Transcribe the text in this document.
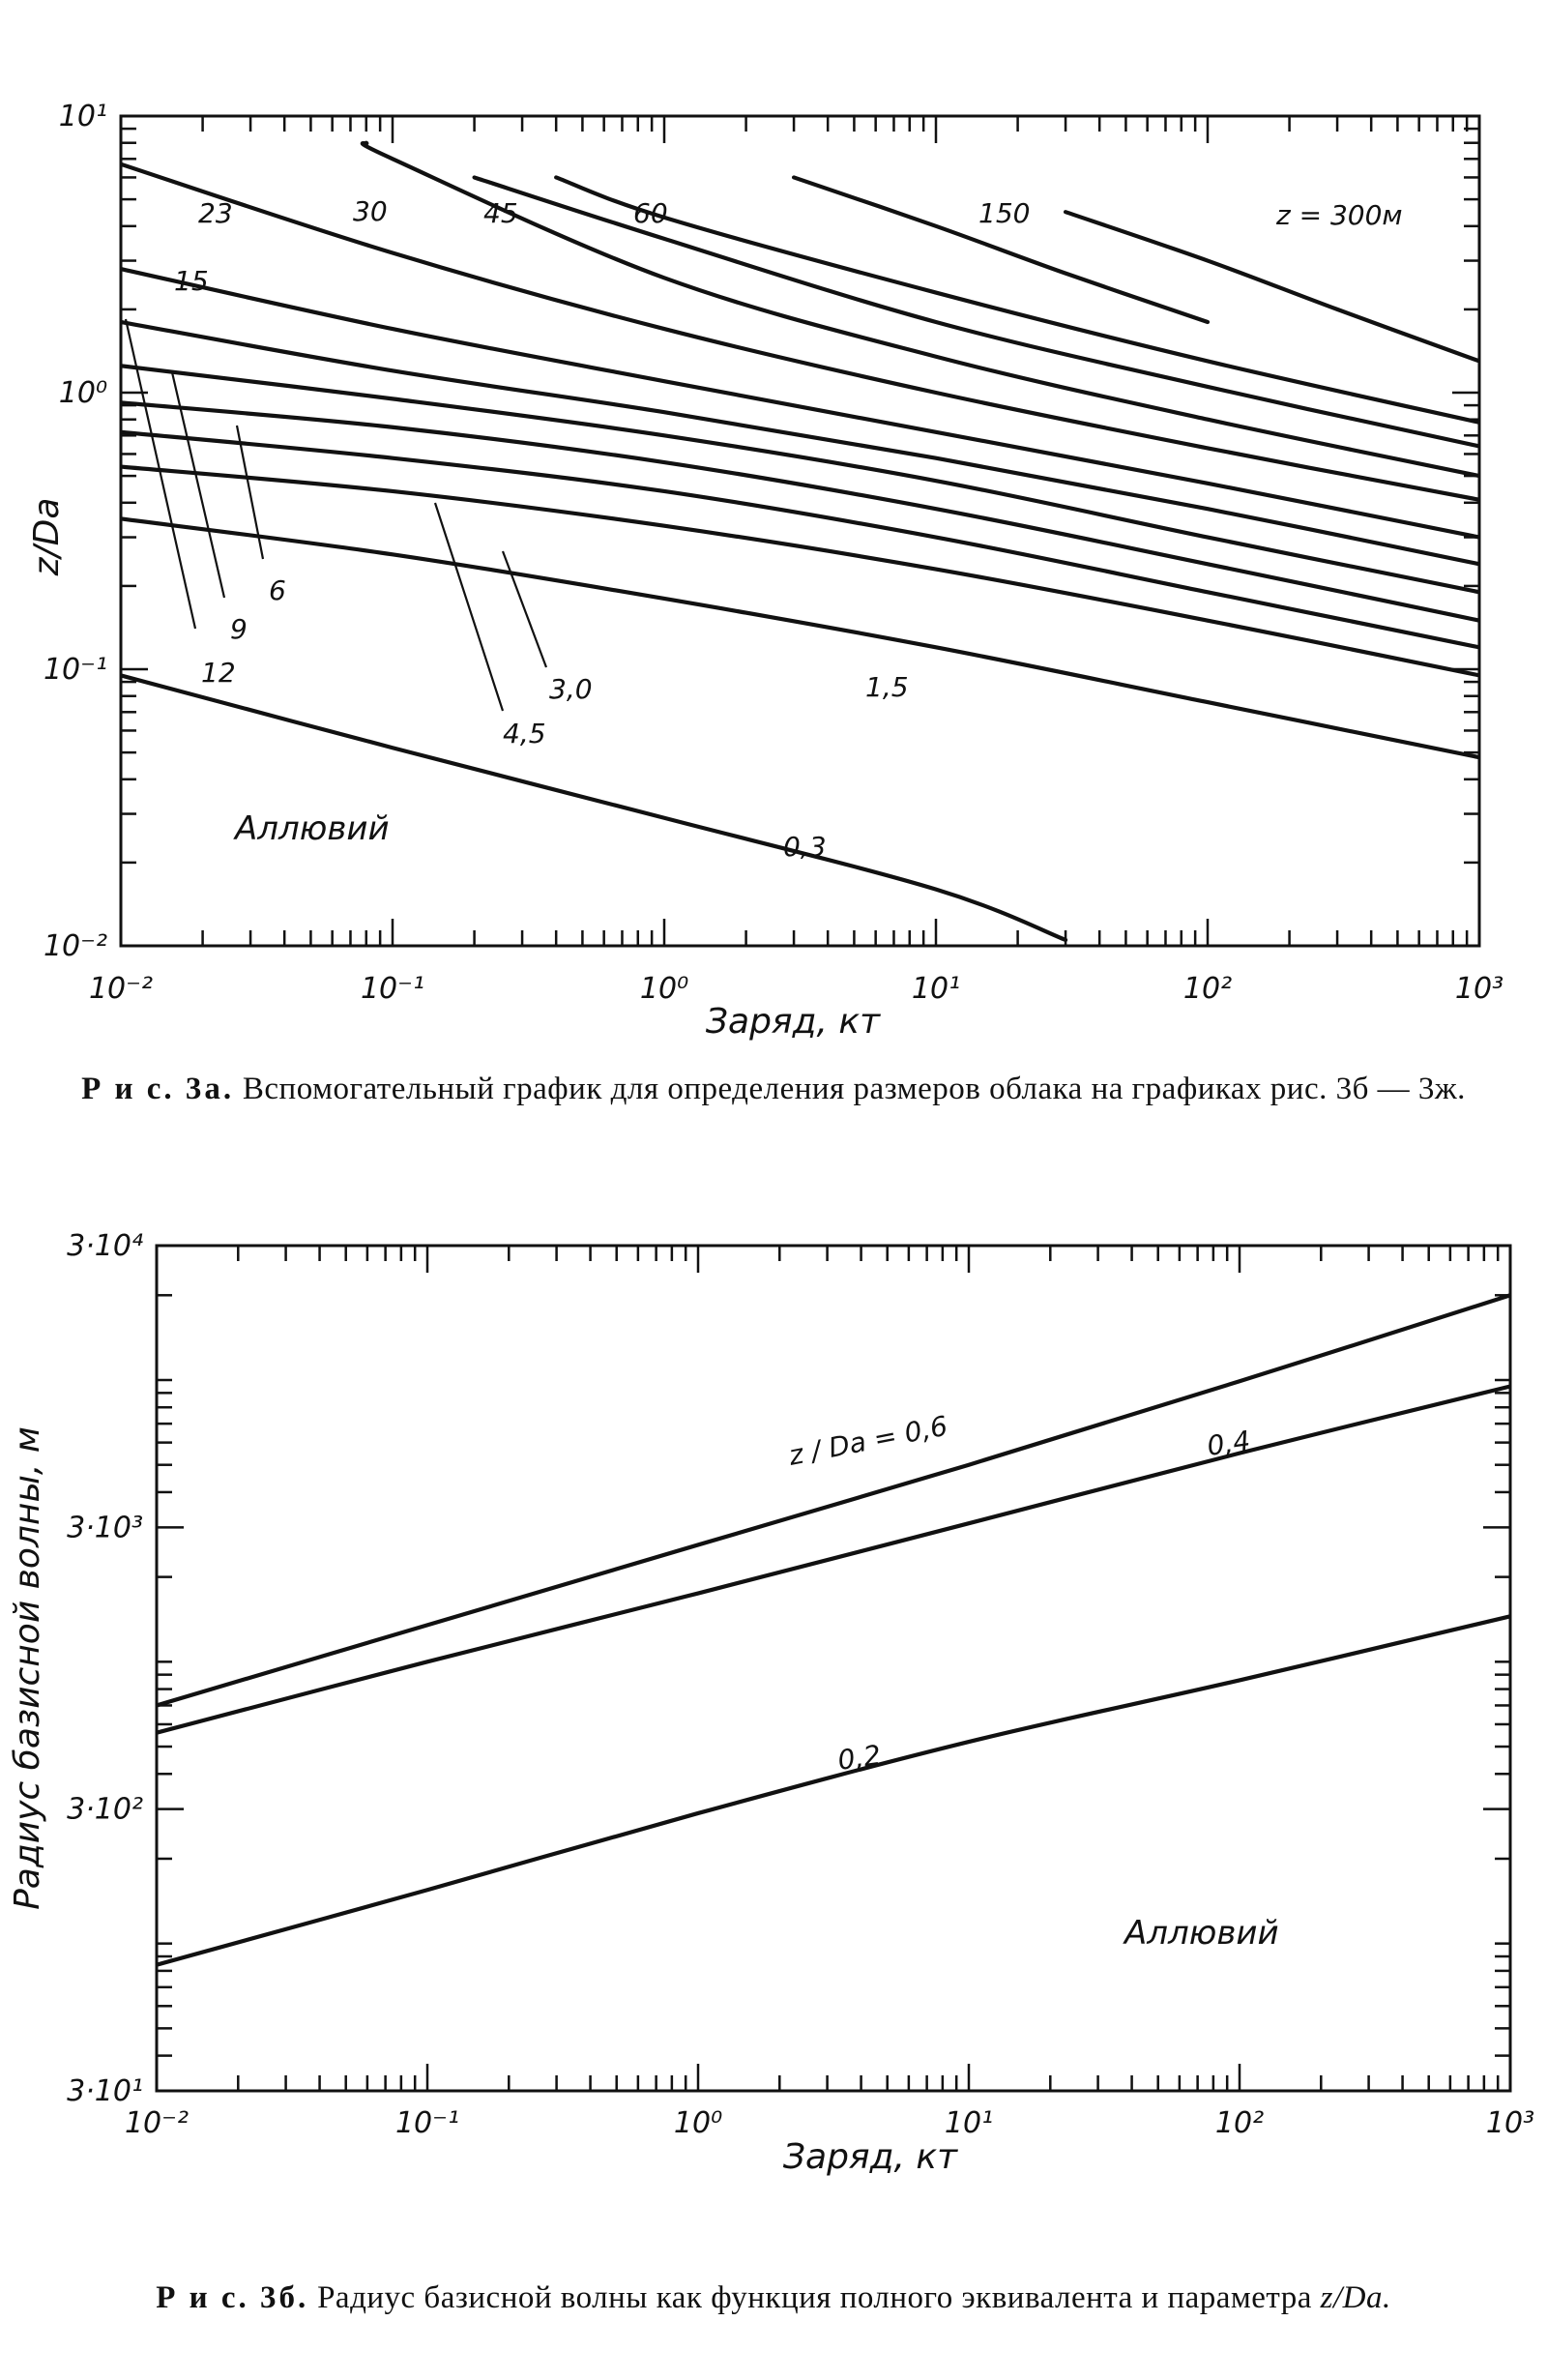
10⁻²	10⁻¹	10⁰	10¹	10²	10³
10⁻²
10⁻¹
10⁰
10¹
Заряд, кт
z/Dа
z = 300м
150
60
45
30
23
15
12
9
6
4,5
3,0	1,5
0,3
Аллювий
10⁻²	10⁻¹	10⁰	10¹	10²	10³
3·10¹
3·10²
3·10³
3·10⁴
Заряд, кт
Радиус базисной волны, м	z / Dа = 0,6	0,4
0,2
Аллювий
Р и с. 3а. Вспомогательный график для определения размеров облака на графиках рис. 3б — 3ж.
Р и с. 3б. Радиус базисной волны как функция полного эквивалента и параметра z/Da.
